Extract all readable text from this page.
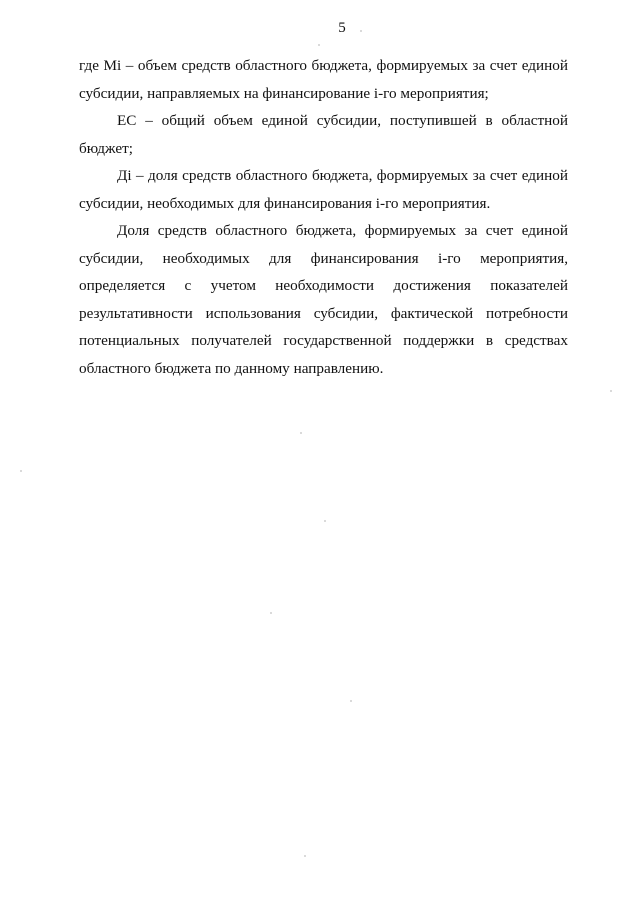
5
где Мi – объем средств областного бюджета, формируемых за счет единой
субсидии, направляемых на финансирование i-го мероприятия;
ЕС – общий объем единой субсидии, поступившей в областной
бюджет;
Дi – доля средств областного бюджета, формируемых за счет единой
субсидии, необходимых для финансирования i-го мероприятия.
Доля средств областного бюджета, формируемых за счет единой
субсидии, необходимых для финансирования i-го мероприятия,
определяется с учетом необходимости достижения показателей
результативности использования субсидии, фактической потребности
потенциальных получателей государственной поддержки в средствах
областного бюджета по данному направлению.
